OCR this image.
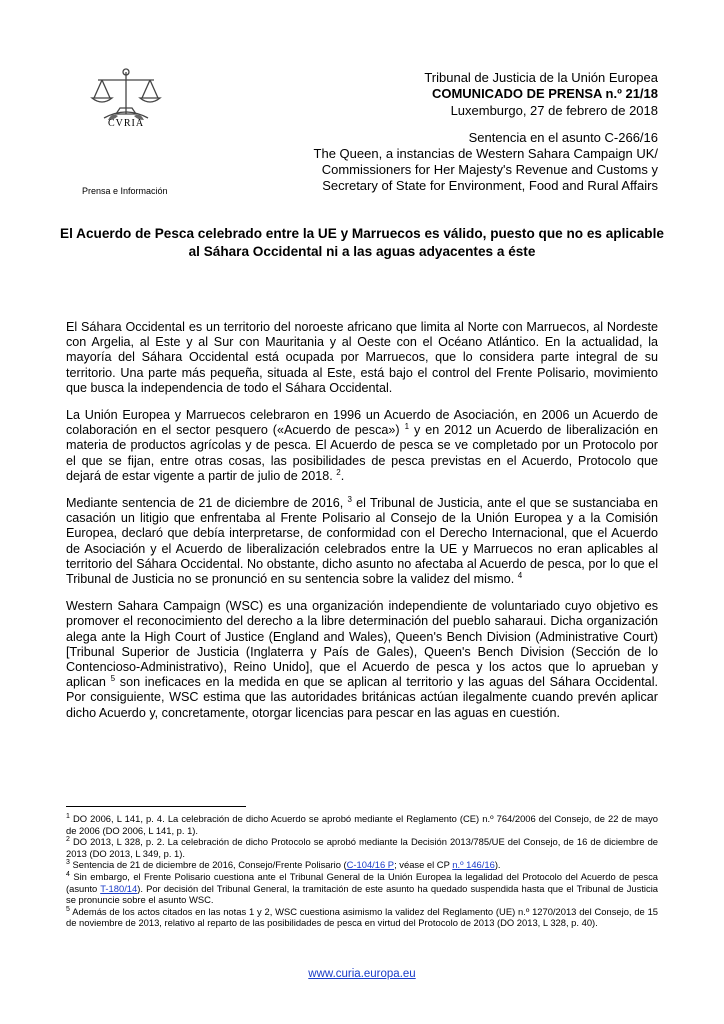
CVRIA
Prensa e Información
Tribunal de Justicia de la Unión Europea
COMUNICADO DE PRENSA n.º 21/18
Luxemburgo, 27 de febrero de 2018
Sentencia en el asunto C-266/16
The Queen, a instancias de Western Sahara Campaign UK/
Commissioners for Her Majesty's Revenue and Customs y
Secretary of State for Environment, Food and Rural Affairs
El Acuerdo de Pesca celebrado entre la UE y Marruecos es válido, puesto que no es aplicable al Sáhara Occidental ni a las aguas adyacentes a éste

El Sáhara Occidental es un territorio del noroeste africano que limita al Norte con Marruecos, al Nordeste con Argelia, al Este y al Sur con Mauritania y al Oeste con el Océano Atlántico. En la actualidad, la mayoría del Sáhara Occidental está ocupada por Marruecos, que lo considera parte integral de su territorio. Una parte más pequeña, situada al Este, está bajo el control del Frente Polisario, movimiento que busca la independencia de todo el Sáhara Occidental.

La Unión Europea y Marruecos celebraron en 1996 un Acuerdo de Asociación, en 2006 un Acuerdo de colaboración en el sector pesquero («Acuerdo de pesca») $^1$ y en 2012 un Acuerdo de liberalización en materia de productos agrícolas y de pesca. El Acuerdo de pesca se ve completado por un Protocolo por el que se fijan, entre otras cosas, las posibilidades de pesca previstas en el Acuerdo, Protocolo que dejará de estar vigente a partir de julio de 2018. $^2$.

Mediante sentencia de 21 de diciembre de 2016, $^3$ el Tribunal de Justicia, ante el que se sustanciaba en casación un litigio que enfrentaba al Frente Polisario al Consejo de la Unión Europea y a la Comisión Europea, declaró que debía interpretarse, de conformidad con el Derecho Internacional, que el Acuerdo de Asociación y el Acuerdo de liberalización celebrados entre la UE y Marruecos no eran aplicables al territorio del Sáhara Occidental. No obstante, dicho asunto no afectaba al Acuerdo de pesca, por lo que el Tribunal de Justicia no se pronunció en su sentencia sobre la validez del mismo. $^4$

Western Sahara Campaign (WSC) es una organización independiente de voluntariado cuyo objetivo es promover el reconocimiento del derecho a la libre determinación del pueblo saharaui. Dicha organización alega ante la High Court of Justice (England and Wales), Queen's Bench Division (Administrative Court) [Tribunal Superior de Justicia (Inglaterra y País de Gales), Queen's Bench Division (Sección de lo Contencioso-Administrativo), Reino Unido], que el Acuerdo de pesca y los actos que lo aprueban y aplican $^5$ son ineficaces en la medida en que se aplican al territorio y las aguas del Sáhara Occidental. Por consiguiente, WSC estima que las autoridades británicas actúan ilegalmente cuando prevén aplicar dicho Acuerdo y, concretamente, otorgar licencias para pescar en las aguas en cuestión.

$^1$ DO 2006, L 141, p. 4. La celebración de dicho Acuerdo se aprobó mediante el Reglamento (CE) n.º 764/2006 del Consejo, de 22 de mayo de 2006 (DO 2006, L 141, p. 1).
$^2$ DO 2013, L 328, p. 2. La celebración de dicho Protocolo se aprobó mediante la Decisión 2013/785/UE del Consejo, de 16 de diciembre de 2013 (DO 2013, L 349, p. 1).
$^3$ Sentencia de 21 de diciembre de 2016, Consejo/Frente Polisario (C-104/16 P; véase el CP n.º 146/16).
$^4$ Sin embargo, el Frente Polisario cuestiona ante el Tribunal General de la Unión Europea la legalidad del Protocolo del Acuerdo de pesca (asunto T-180/14). Por decisión del Tribunal General, la tramitación de este asunto ha quedado suspendida hasta que el Tribunal de Justicia se pronuncie sobre el asunto WSC.
$^5$ Además de los actos citados en las notas 1 y 2, WSC cuestiona asimismo la validez del Reglamento (UE) n.º 1270/2013 del Consejo, de 15 de noviembre de 2013, relativo al reparto de las posibilidades de pesca en virtud del Protocolo de 2013 (DO 2013, L 328, p. 40).
www.curia.europa.eu
